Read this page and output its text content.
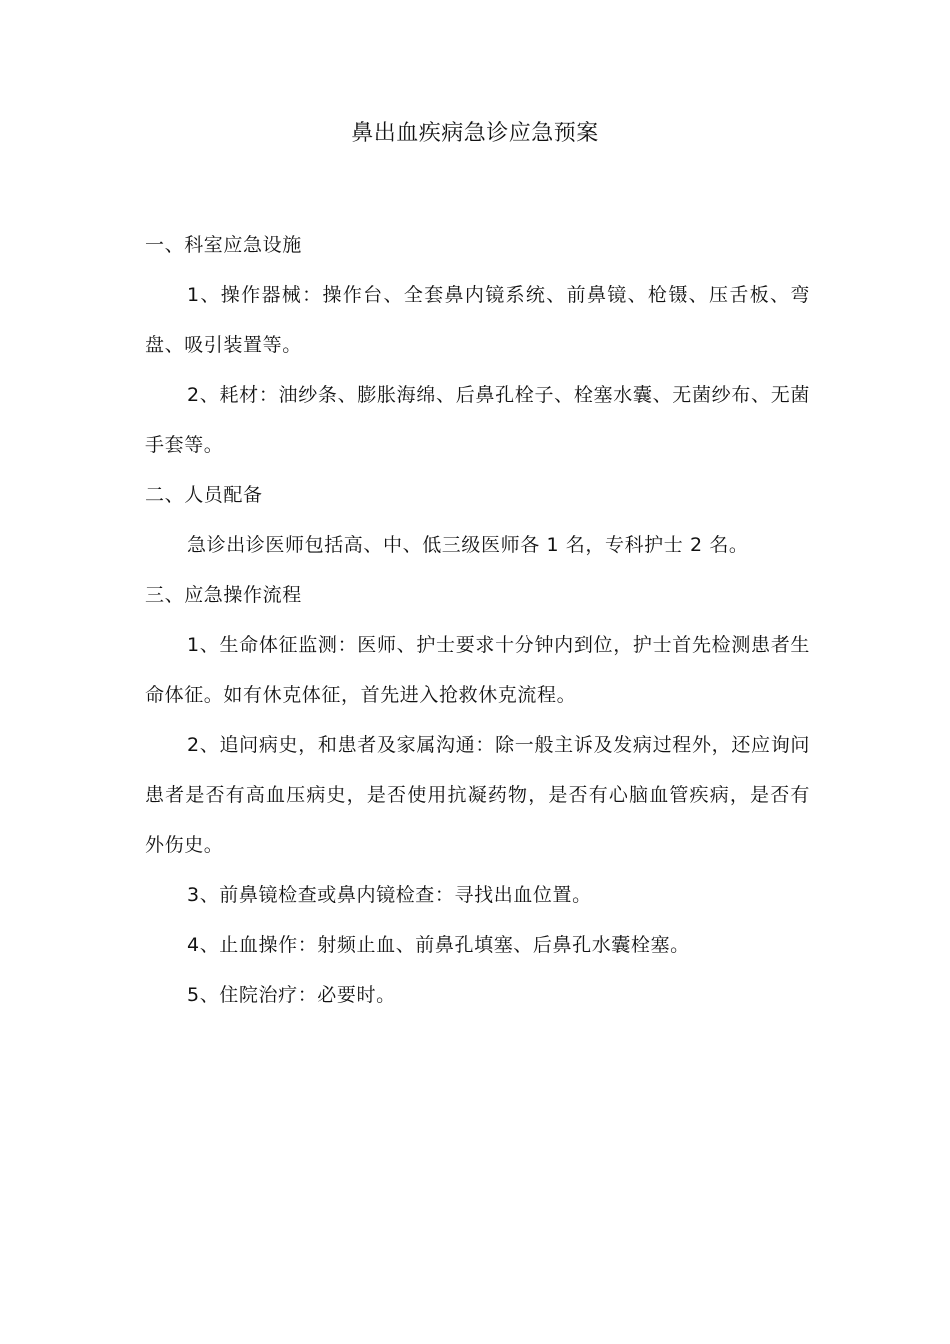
鼻出血疾病急诊应急预案

一、科室应急设施

1、操作器械：操作台、全套鼻内镜系统、前鼻镜、枪镊、压舌板、弯盘、吸引装置等。

2、耗材：油纱条、膨胀海绵、后鼻孔栓子、栓塞水囊、无菌纱布、无菌手套等。

二、人员配备

急诊出诊医师包括高、中、低三级医师各 1 名，专科护士 2 名。

三、应急操作流程

1、生命体征监测：医师、护士要求十分钟内到位，护士首先检测患者生命体征。如有休克体征，首先进入抢救休克流程。

2、追问病史，和患者及家属沟通：除一般主诉及发病过程外，还应询问患者是否有高血压病史，是否使用抗凝药物，是否有心脑血管疾病，是否有外伤史。

3、前鼻镜检查或鼻内镜检查：寻找出血位置。

4、止血操作：射频止血、前鼻孔填塞、后鼻孔水囊栓塞。

5、住院治疗：必要时。
